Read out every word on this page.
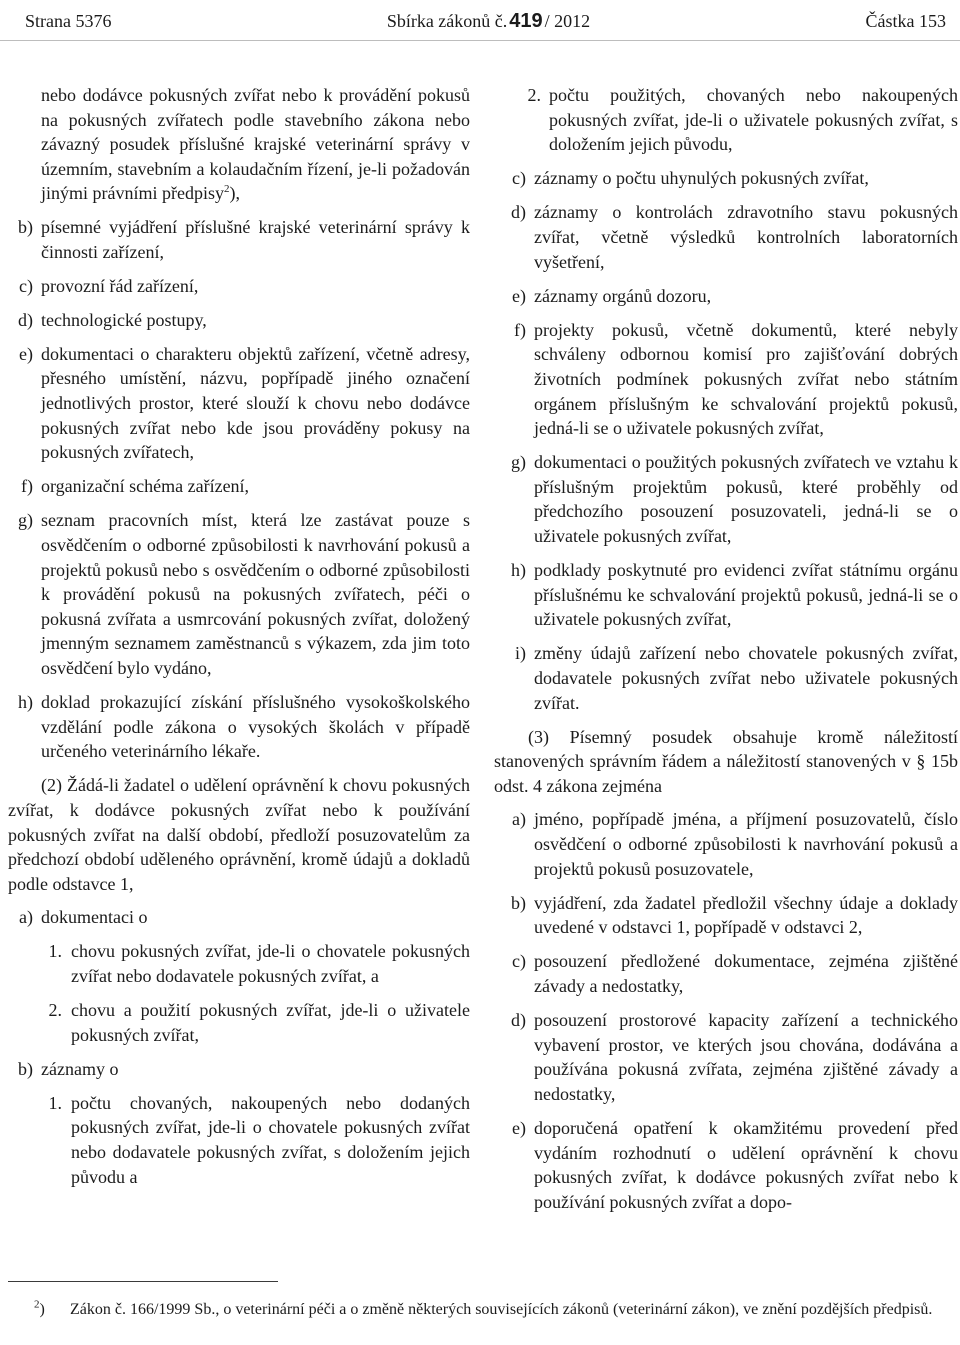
Strana 5376	Sbírka zákonů č. 419 / 2012	Částka 153
nebo dodávce pokusných zvířat nebo k provádění pokusů na pokusných zvířatech podle stavebního zákona nebo závazný posudek příslušné krajské veterinární správy v územním, stavebním a kolaudačním řízení, je-li požadován jinými právními předpisy$^2$),
b) písemné vyjádření příslušné krajské veterinární správy k činnosti zařízení,
c) provozní řád zařízení,
d) technologické postupy,
e) dokumentaci o charakteru objektů zařízení, včetně adresy, přesného umístění, názvu, popřípadě jiného označení jednotlivých prostor, které slouží k chovu nebo dodávce pokusných zvířat nebo kde jsou prováděny pokusy na pokusných zvířatech,
f) organizační schéma zařízení,
g) seznam pracovních míst, která lze zastávat pouze s osvědčením o odborné způsobilosti k navrhování pokusů a projektů pokusů nebo s osvědčením o odborné způsobilosti k provádění pokusů na pokusných zvířatech, péči o pokusná zvířata a usmrcování pokusných zvířat, doložený jmenným seznamem zaměstnanců s výkazem, zda jim toto osvědčení bylo vydáno,
h) doklad prokazující získání příslušného vysokoškolského vzdělání podle zákona o vysokých školách v případě určeného veterinárního lékaře.
(2) Žádá-li žadatel o udělení oprávnění k chovu pokusných zvířat, k dodávce pokusných zvířat nebo k používání pokusných zvířat na další období, předloží posuzovatelům za předchozí období uděleného oprávnění, kromě údajů a dokladů podle odstavce 1,
a) dokumentaci o
1. chovu pokusných zvířat, jde-li o chovatele pokusných zvířat nebo dodavatele pokusných zvířat, a
2. chovu a použití pokusných zvířat, jde-li o uživatele pokusných zvířat,
b) záznamy o
1. počtu chovaných, nakoupených nebo dodaných pokusných zvířat, jde-li o chovatele pokusných zvířat nebo dodavatele pokusných zvířat, s doložením jejich původu a
2. počtu použitých, chovaných nebo nakoupených pokusných zvířat, jde-li o uživatele pokusných zvířat, s doložením jejich původu,
c) záznamy o počtu uhynulých pokusných zvířat,
d) záznamy o kontrolách zdravotního stavu pokusných zvířat, včetně výsledků kontrolních laboratorních vyšetření,
e) záznamy orgánů dozoru,
f) projekty pokusů, včetně dokumentů, které nebyly schváleny odbornou komisí pro zajišťování dobrých životních podmínek pokusných zvířat nebo státním orgánem příslušným ke schvalování projektů pokusů, jedná-li se o uživatele pokusných zvířat,
g) dokumentaci o použitých pokusných zvířatech ve vztahu k příslušným projektům pokusů, které proběhly od předchozího posouzení posuzovateli, jedná-li se o uživatele pokusných zvířat,
h) podklady poskytnuté pro evidenci zvířat státnímu orgánu příslušnému ke schvalování projektů pokusů, jedná-li se o uživatele pokusných zvířat,
i) změny údajů zařízení nebo chovatele pokusných zvířat, dodavatele pokusných zvířat nebo uživatele pokusných zvířat.
(3) Písemný posudek obsahuje kromě náležitostí stanovených správním řádem a náležitostí stanovených v § 15b odst. 4 zákona zejména
a) jméno, popřípadě jména, a příjmení posuzovatelů, číslo osvědčení o odborné způsobilosti k navrhování pokusů a projektů pokusů posuzovatele,
b) vyjádření, zda žadatel předložil všechny údaje a doklady uvedené v odstavci 1, popřípadě v odstavci 2,
c) posouzení předložené dokumentace, zejména zjištěné závady a nedostatky,
d) posouzení prostorové kapacity zařízení a technického vybavení prostor, ve kterých jsou chována, dodávána a používána pokusná zvířata, zejména zjištěné závady a nedostatky,
e) doporučená opatření k okamžitému provedení před vydáním rozhodnutí o udělení oprávnění k chovu pokusných zvířat, k dodávce pokusných zvířat nebo k používání pokusných zvířat a dopo-
$^2$)	Zákon č. 166/1999 Sb., o veterinární péči a o změně některých souvisejících zákonů (veterinární zákon), ve znění pozdějších předpisů.
